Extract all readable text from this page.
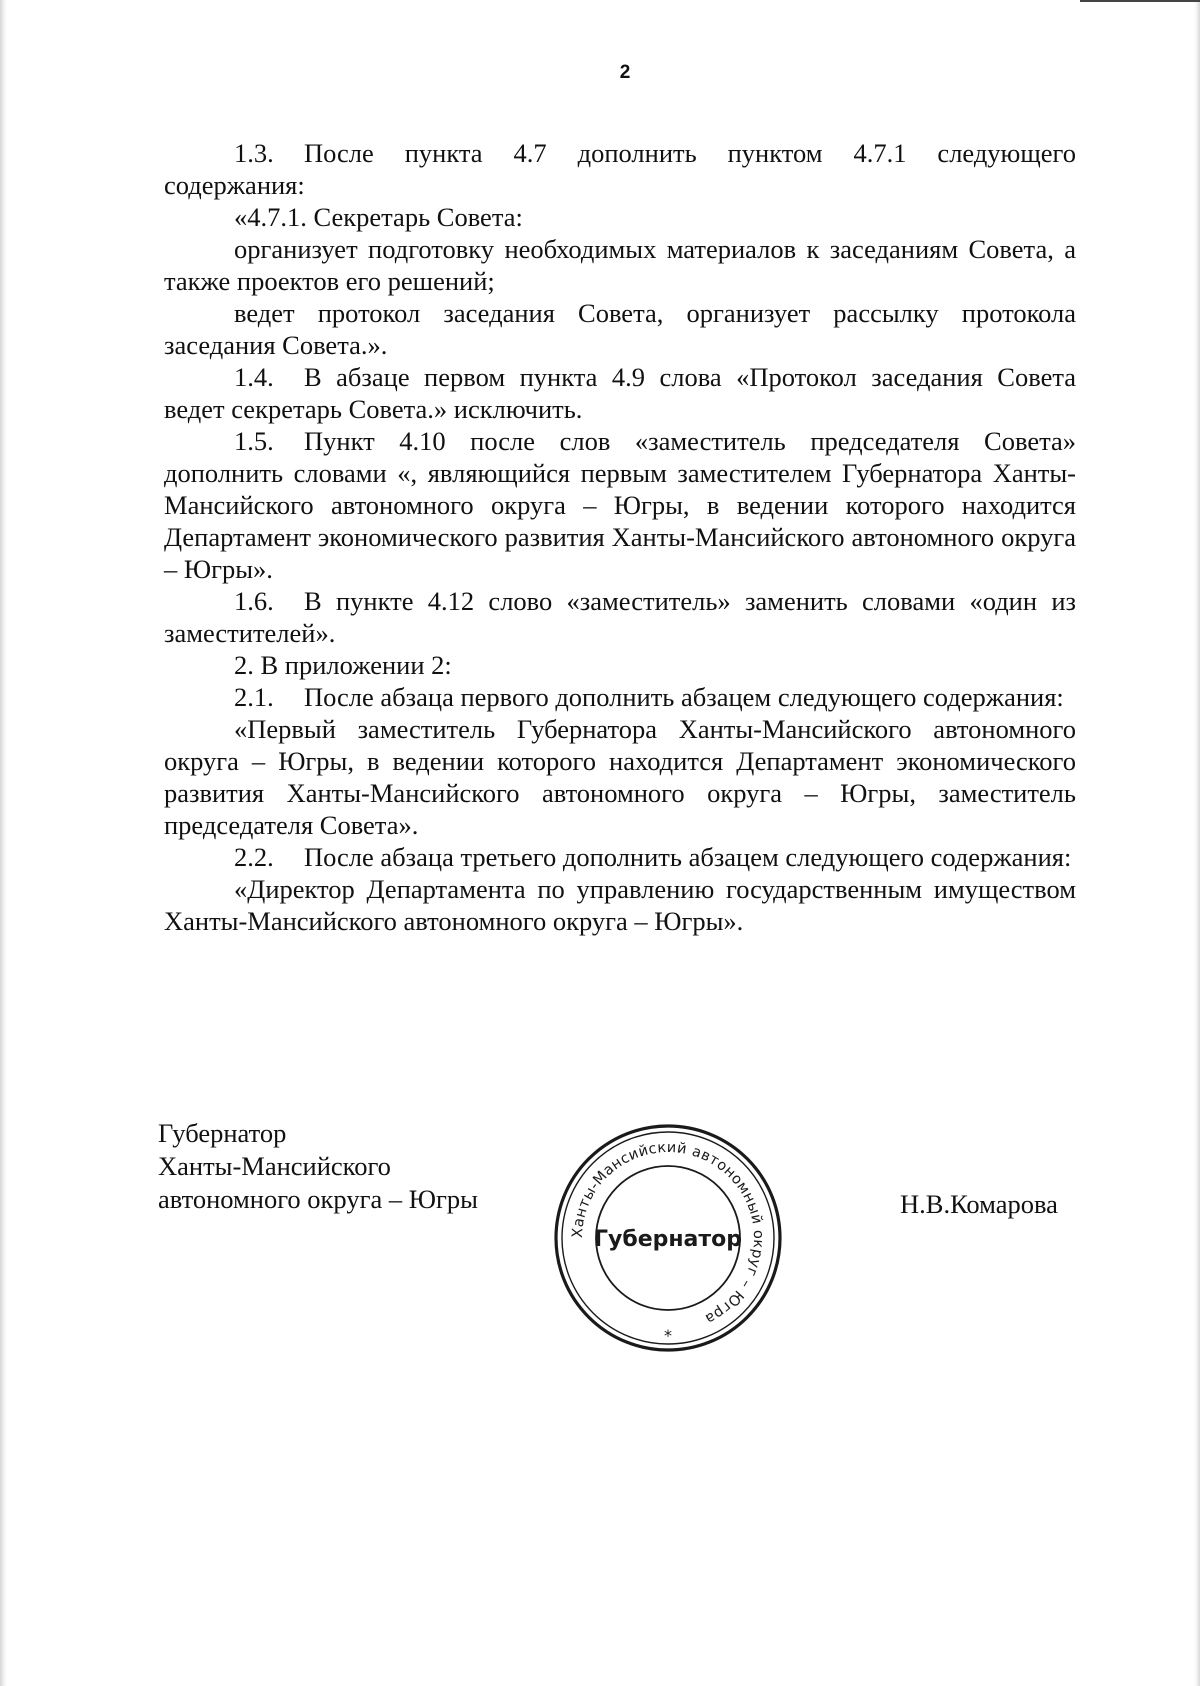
2

1.3. После пункта 4.7 дополнить пунктом 4.7.1 следующего содержания:

«4.7.1. Секретарь Совета:

организует подготовку необходимых материалов к заседаниям Совета, а также проектов его решений;

ведет протокол заседания Совета, организует рассылку протокола заседания Совета.».

1.4. В абзаце первом пункта 4.9 слова «Протокол заседания Совета ведет секретарь Совета.» исключить.

1.5. Пункт 4.10 после слов «заместитель председателя Совета» дополнить словами «, являющийся первым заместителем Губернатора Ханты-Мансийского автономного округа – Югры, в ведении которого находится Департамент экономического развития Ханты-Мансийского автономного округа – Югры».

1.6. В пункте 4.12 слово «заместитель» заменить словами «один из заместителей».

2. В приложении 2:

2.1. После абзаца первого дополнить абзацем следующего содержания:

«Первый заместитель Губернатора Ханты-Мансийского автономного округа – Югры, в ведении которого находится Департамент экономического развития Ханты-Мансийского автономного округа – Югры, заместитель председателя Совета».

2.2. После абзаца третьего дополнить абзацем следующего содержания:

«Директор Департамента по управлению государственным имуществом Ханты-Мансийского автономного округа – Югры».

Губернатор
Ханты-Мансийского
автономного округа – Югры
Ханты-Мансийский автономный округ – Югра
Губернатор
*
Н.В.Комарова
